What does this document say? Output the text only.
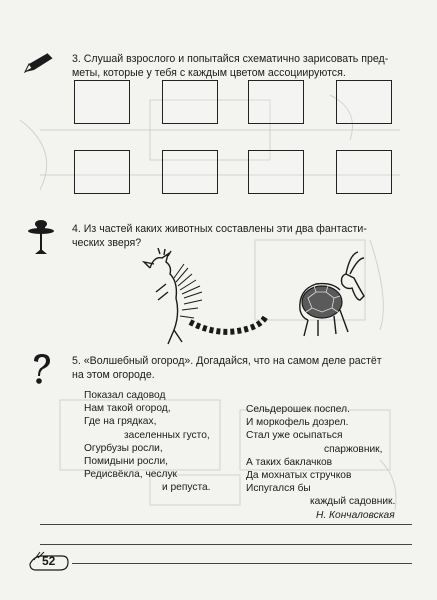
3. Слушай взрослого и попытайся схематично зарисовать пред-
меты, которые у тебя с каждым цветом ассоциируются.
4. Из частей каких животных составлены эти два фантасти-
ческих зверя?
5. «Волшебный огород». Догадайся, что на самом деле растёт
на этом огороде.
Показал садовод
Нам такой огород,
Где на грядках,
заселенных густо,
Огурбузы росли,
Помидыни росли,
Редисвёкла, чеслук
и репуста.
Сельдерошек поспел.
И моркофель дозрел.
Стал уже осыпаться
спаржовник,
А таких баклачков
Да мохнатых стручков
Испугался бы
каждый садовник.
Н. Кончаловская
52
